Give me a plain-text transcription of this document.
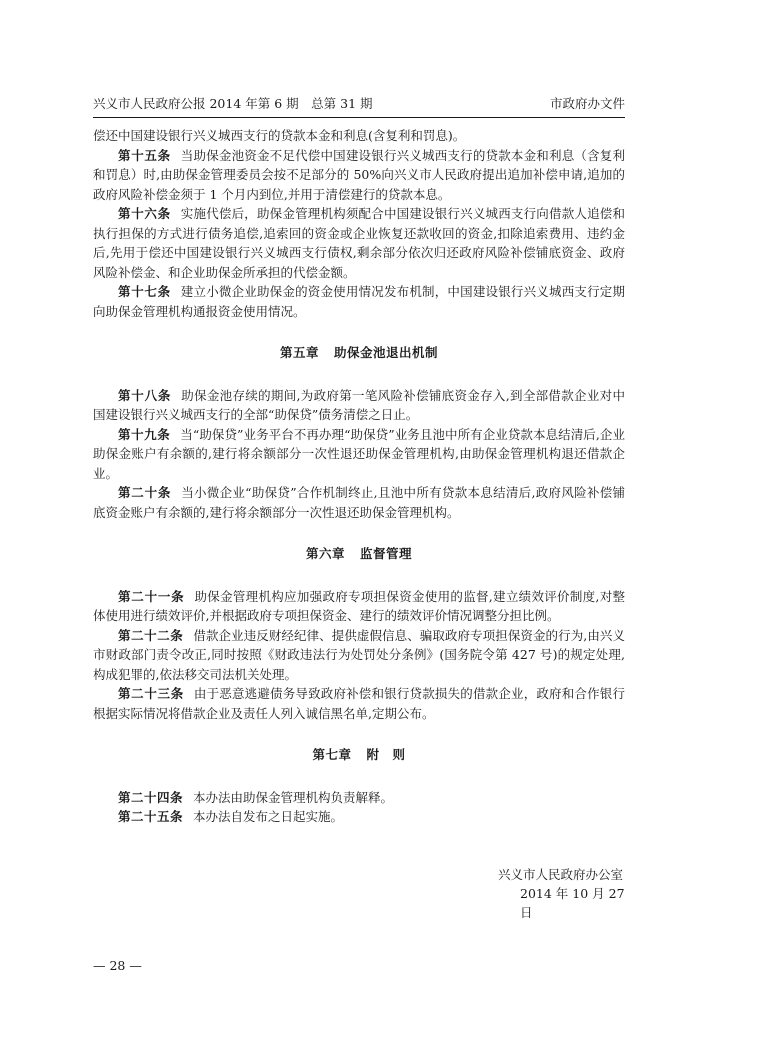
兴义市人民政府公报 2014 年第 6 期　总第 31 期	市政府办文件

偿还中国建设银行兴义城西支行的贷款本金和利息(含复利和罚息)。

第十五条 当助保金池资金不足代偿中国建设银行兴义城西支行的贷款本金和利息（含复利和罚息）时,由助保金管理委员会按不足部分的 50%向兴义市人民政府提出追加补偿申请,追加的政府风险补偿金须于 1 个月内到位,并用于清偿建行的贷款本息。

第十六条 实施代偿后，助保金管理机构须配合中国建设银行兴义城西支行向借款人追偿和执行担保的方式进行债务追偿,追索回的资金或企业恢复还款收回的资金,扣除追索费用、违约金后,先用于偿还中国建设银行兴义城西支行债权,剩余部分依次归还政府风险补偿铺底资金、政府风险补偿金、和企业助保金所承担的代偿金额。

第十七条 建立小微企业助保金的资金使用情况发布机制，中国建设银行兴义城西支行定期向助保金管理机构通报资金使用情况。

第五章 助保金池退出机制

第十八条 助保金池存续的期间,为政府第一笔风险补偿铺底资金存入,到全部借款企业对中国建设银行兴义城西支行的全部“助保贷”债务清偿之日止。

第十九条 当“助保贷”业务平台不再办理“助保贷”业务且池中所有企业贷款本息结清后,企业助保金账户有余额的,建行将余额部分一次性退还助保金管理机构,由助保金管理机构退还借款企业。

第二十条 当小微企业“助保贷”合作机制终止,且池中所有贷款本息结清后,政府风险补偿铺底资金账户有余额的,建行将余额部分一次性退还助保金管理机构。

第六章 监督管理

第二十一条 助保金管理机构应加强政府专项担保资金使用的监督,建立绩效评价制度,对整体使用进行绩效评价,并根据政府专项担保资金、建行的绩效评价情况调整分担比例。

第二十二条 借款企业违反财经纪律、提供虚假信息、骗取政府专项担保资金的行为,由兴义市财政部门责令改正,同时按照《财政违法行为处罚处分条例》(国务院令第 427 号)的规定处理,构成犯罪的,依法移交司法机关处理。

第二十三条 由于恶意逃避债务导致政府补偿和银行贷款损失的借款企业，政府和合作银行根据实际情况将借款企业及责任人列入诚信黑名单,定期公布。

第七章 附　则

第二十四条 本办法由助保金管理机构负责解释。

第二十五条 本办法自发布之日起实施。

兴义市人民政府办公室
2014 年 10 月 27 日
— 28 —
